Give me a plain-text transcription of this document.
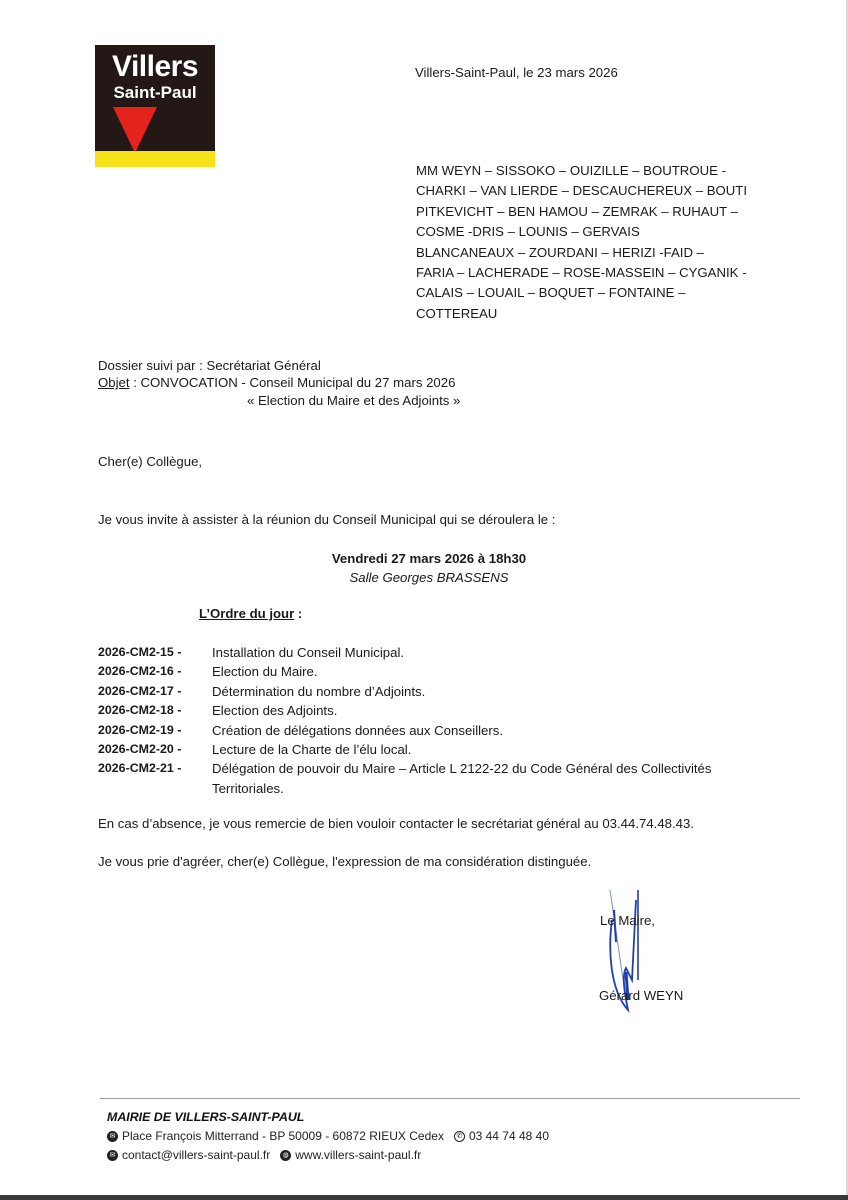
Villers
Saint-Paul
Villers-Saint-Paul, le 23 mars 2026
MM WEYN – SISSOKO – OUIZILLE – BOUTROUE -
CHARKI – VAN LIERDE – DESCAUCHEREUX – BOUTI
PITKEVICHT – BEN HAMOU – ZEMRAK – RUHAUT –
COSME -DRIS – LOUNIS – GERVAIS
BLANCANEAUX – ZOURDANI – HERIZI -FAID –
FARIA – LACHERADE – ROSE-MASSEIN – CYGANIK -
CALAIS – LOUAIL – BOQUET – FONTAINE –
COTTEREAU
Dossier suivi par : Secrétariat Général
Objet : CONVOCATION - Conseil Municipal du 27 mars 2026
« Election du Maire et des Adjoints »
Cher(e) Collègue,
Je vous invite à assister à la réunion du Conseil Municipal qui se déroulera le :
Vendredi 27 mars 2026 à 18h30
Salle Georges BRASSENS
L’Ordre du jour :
2026-CM2-15 -	Installation du Conseil Municipal.
2026-CM2-16 -	Election du Maire.
2026-CM2-17 -	Détermination du nombre d’Adjoints.
2026-CM2-18 -	Election des Adjoints.
2026-CM2-19 -	Création de délégations données aux Conseillers.
2026-CM2-20 -	Lecture de la Charte de l’élu local.
2026-CM2-21 -	Délégation de pouvoir du Maire – Article L 2122-22 du Code Général des Collectivités Territoriales.
En cas d’absence, je vous remercie de bien vouloir contacter le secrétariat général au 03.44.74.48.43.
Je vous prie d'agréer, cher(e) Collègue, l'expression de ma considération distinguée.
Le Maire,
Gérard WEYN
MAIRIE DE VILLERS-SAINT-PAUL
✉ Place François Mitterrand - BP 50009 - 60872 RIEUX Cedex	✆ 03 44 74 48 40
✉ contact@villers-saint-paul.fr	◍ www.villers-saint-paul.fr
